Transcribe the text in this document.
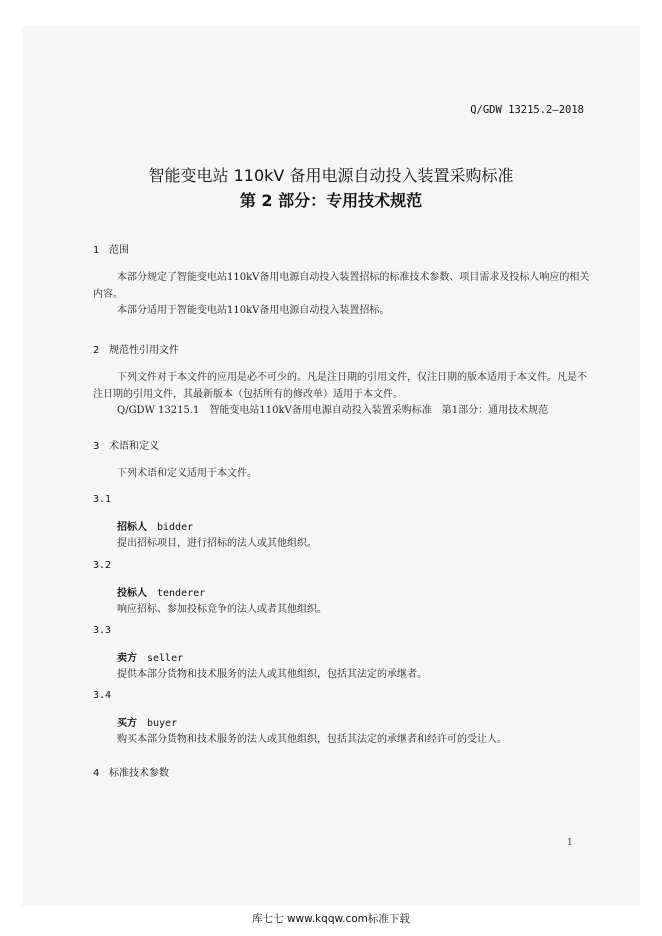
Q/GDW 13215.2—2018
智能变电站 110kV 备用电源自动投入装置采购标准
第 2 部分：专用技术规范
1 范围

本部分规定了智能变电站110kV备用电源自动投入装置招标的标准技术参数、项目需求及投标人响应的相关内容。

本部分适用于智能变电站110kV备用电源自动投入装置招标。

2 规范性引用文件

下列文件对于本文件的应用是必不可少的。凡是注日期的引用文件，仅注日期的版本适用于本文件。凡是不注日期的引用文件，其最新版本（包括所有的修改单）适用于本文件。

Q/GDW 13215.1　智能变电站110kV备用电源自动投入装置采购标准　第1部分：通用技术规范

3 术语和定义

下列术语和定义适用于本文件。

3.1
招标人 bidder
提出招标项目，进行招标的法人或其他组织。
3.2
投标人 tenderer
响应招标、参加投标竞争的法人或者其他组织。
3.3
卖方 seller
提供本部分货物和技术服务的法人或其他组织，包括其法定的承继者。
3.4
买方 buyer
购买本部分货物和技术服务的法人或其他组织，包括其法定的承继者和经许可的受让人。
4 标准技术参数
1
库七七 www.kqqw.com标准下载
